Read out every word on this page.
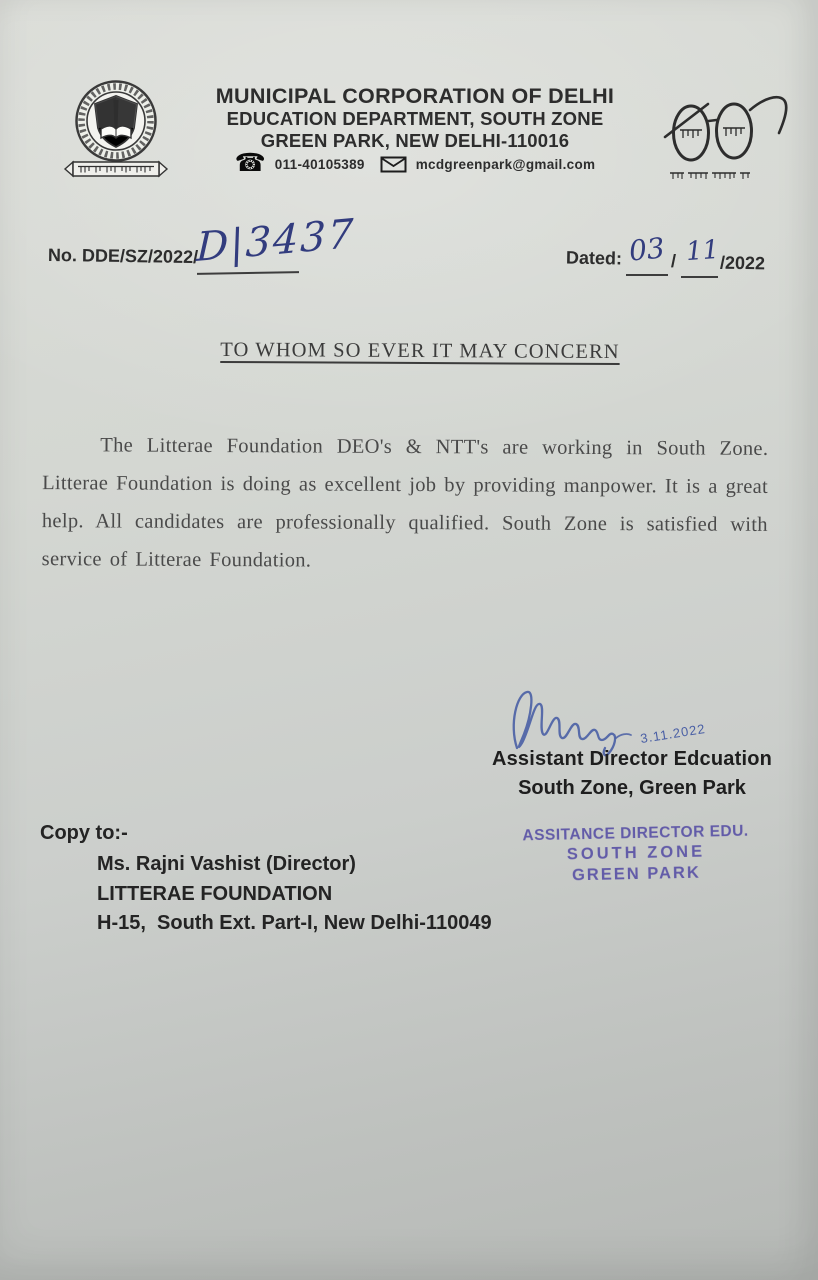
MUNICIPAL CORPORATION OF DELHI
EDUCATION DEPARTMENT, SOUTH ZONE
GREEN PARK, NEW DELHI-110016
☎ 011-40105389	mcdgreenpark@gmail.com
No. DDE/SZ/2022/
D|3437	Dated: 03 / 11 /2022
TO WHOM SO EVER IT MAY CONCERN
The Litterae Foundation DEO's & NTT's are working in South Zone. Litterae Foundation is doing as excellent job by providing manpower. It is a great help. All candidates are professionally qualified. South Zone is satisfied with service of Litterae Foundation.
3.11.2022
Assistant Director Edcuation
South Zone, Green Park
Copy to:-
Ms. Rajni Vashist (Director)
LITTERAE FOUNDATION
H-15,  South Ext. Part-I, New Delhi-110049
ASSITANCE DIRECTOR EDU.
SOUTH ZONE
GREEN PARK
